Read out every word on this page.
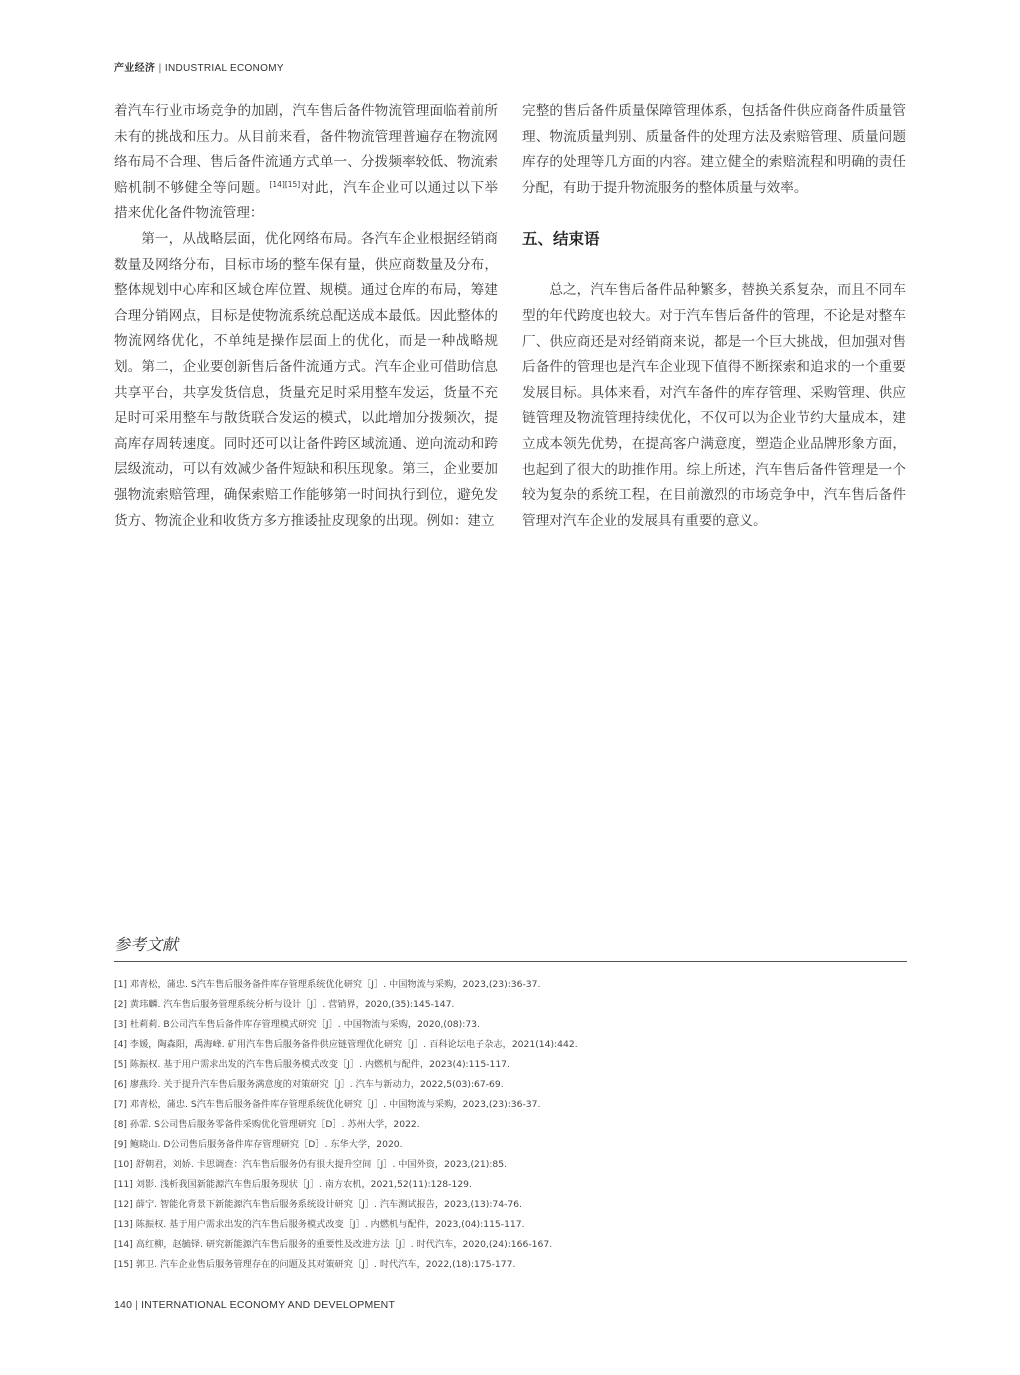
产业经济 | INDUSTRIAL ECONOMY

着汽车行业市场竞争的加剧，汽车售后备件物流管理面临着前所未有的挑战和压力。从目前来看，备件物流管理普遍存在物流网络布局不合理、售后备件流通方式单一、分拨频率较低、物流索赔机制不够健全等问题。[14][15]对此，汽车企业可以通过以下举措来优化备件物流管理：

第一，从战略层面，优化网络布局。各汽车企业根据经销商数量及网络分布，目标市场的整车保有量，供应商数量及分布，整体规划中心库和区域仓库位置、规模。通过仓库的布局，筹建合理分销网点，目标是使物流系统总配送成本最低。因此整体的物流网络优化，不单纯是操作层面上的优化，而是一种战略规划。第二，企业要创新售后备件流通方式。汽车企业可借助信息共享平台，共享发货信息，货量充足时采用整车发运，货量不充足时可采用整车与散货联合发运的模式，以此增加分拨频次，提高库存周转速度。同时还可以让备件跨区域流通、逆向流动和跨层级流动，可以有效减少备件短缺和积压现象。第三，企业要加强物流索赔管理，确保索赔工作能够第一时间执行到位，避免发货方、物流企业和收货方多方推诿扯皮现象的出现。例如：建立

完整的售后备件质量保障管理体系，包括备件供应商备件质量管理、物流质量判别、质量备件的处理方法及索赔管理、质量问题库存的处理等几方面的内容。建立健全的索赔流程和明确的责任分配，有助于提升物流服务的整体质量与效率。

五、结束语

总之，汽车售后备件品种繁多，替换关系复杂，而且不同车型的年代跨度也较大。对于汽车售后备件的管理，不论是对整车厂、供应商还是对经销商来说，都是一个巨大挑战，但加强对售后备件的管理也是汽车企业现下值得不断探索和追求的一个重要发展目标。具体来看，对汽车备件的库存管理、采购管理、供应链管理及物流管理持续优化，不仅可以为企业节约大量成本，建立成本领先优势，在提高客户满意度，塑造企业品牌形象方面，也起到了很大的助推作用。综上所述，汽车售后备件管理是一个较为复杂的系统工程，在目前激烈的市场竞争中，汽车售后备件管理对汽车企业的发展具有重要的意义。

参考文献
[1] 邓青松，蒲忠. S汽车售后服务备件库存管理系统优化研究［J］. 中国物流与采购，2023,(23):36-37.
[2] 黄玮麟. 汽车售后服务管理系统分析与设计［J］. 营销界，2020,(35):145-147.
[3] 杜莉莉. B公司汽车售后备件库存管理模式研究［J］. 中国物流与采购，2020,(08):73.
[4] 李媛，陶森阳，禹海峰. 矿用汽车售后服务备件供应链管理优化研究［J］. 百科论坛电子杂志，2021(14):442.
[5] 陈振权. 基于用户需求出发的汽车售后服务模式改变［J］. 内燃机与配件，2023(4):115-117.
[6] 廖燕玲. 关于提升汽车售后服务满意度的对策研究［J］. 汽车与新动力，2022,5(03):67-69.
[7] 邓青松，蒲忠. S汽车售后服务备件库存管理系统优化研究［J］. 中国物流与采购，2023,(23):36-37.
[8] 孙霏. S公司售后服务零备件采购优化管理研究［D］. 苏州大学，2022.
[9] 鲍晓山. D公司售后服务备件库存管理研究［D］. 东华大学，2020.
[10] 舒朝君，刘娇. 卡思调查：汽车售后服务仍有很大提升空间［J］. 中国外资，2023,(21):85.
[11] 刘影. 浅析我国新能源汽车售后服务现状［J］. 南方农机，2021,52(11):128-129.
[12] 薛宁. 智能化背景下新能源汽车售后服务系统设计研究［J］. 汽车测试报告，2023,(13):74-76.
[13] 陈振权. 基于用户需求出发的汽车售后服务模式改变［J］. 内燃机与配件，2023,(04):115-117.
[14] 高红柳，赵毓铎. 研究新能源汽车售后服务的重要性及改进方法［J］. 时代汽车，2020,(24):166-167.
[15] 郭卫. 汽车企业售后服务管理存在的问题及其对策研究［J］. 时代汽车，2022,(18):175-177.
140 | INTERNATIONAL ECONOMY AND DEVELOPMENT
